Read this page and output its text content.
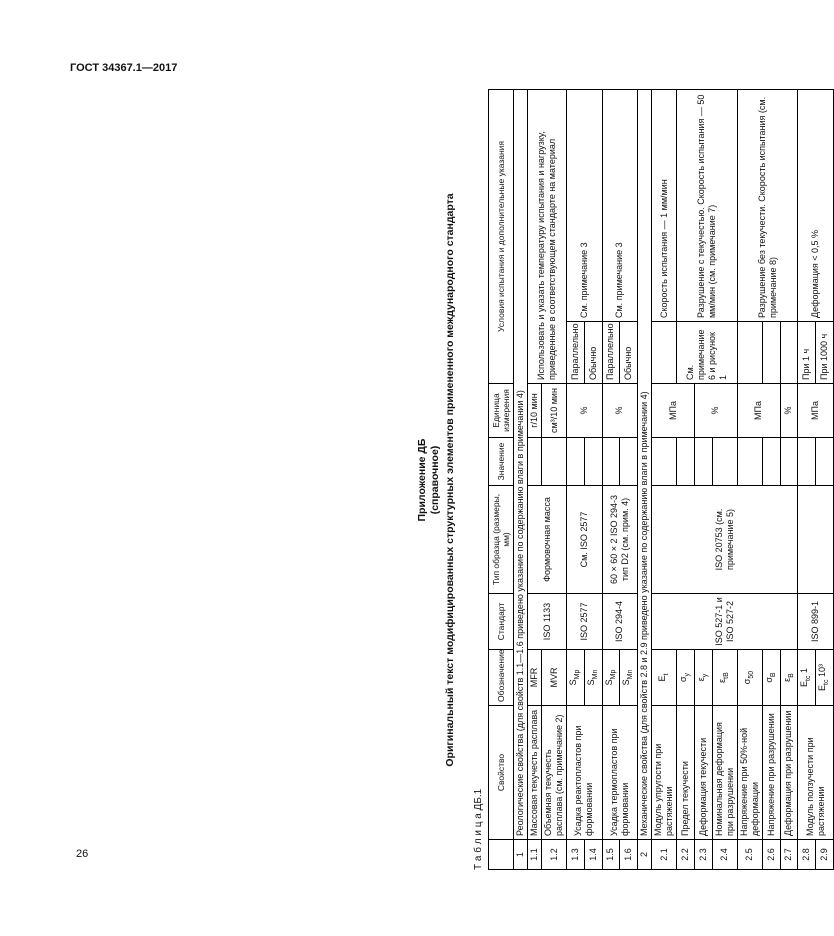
ГОСТ 34367.1—2017
Приложение ДБ (справочное) Оригинальный текст модифицированных структурных элементов примененного международного стандарта
Т а б л и ц а ДБ.1
	Свойство	Обозначение	Стандарт	Тип образца (размеры, мм)	Значение	Единица измерения	Условия испытания и дополнительные указания	
1	Реологические свойства (для свойств 1.1—1.6 приведено указание по содержанию влаги в примечании 4)							
1.1	Массовая текучесть расплава	MFR	ISO 1133	Формовочная масса		г/10 мин	Использовать и указать температуру испытания и нагрузку, приведенные в соответствующем стандарте на материал	
1.2	Объемная текучесть расплава (см. примечание 2)	MVR				см³/10 мин		
1.3	Усадка реактопластов при формовании	$S_{Mp}$	ISO 2577	См. ISO 2577		%	Параллельно	См. примечание 3
1.4		$S_{Mn}$					Обычно	
1.5	Усадка термопластов при формовании	$S_{Mp}$	ISO 294-4	60 × 60 × 2 ISO 294-3 тип D2 (см. прим. 4)		%	Параллельно	См. примечание 3
1.6		$S_{Mn}$					Обычно	
2	Механические свойства (для свойств 2.8 и 2.9 приведено указание по содержанию влаги в примечании 4)							
2.1	Модуль упругости при растяжении	$E_t$	ISO 527-1 и ISO 527-2	ISO 20753 (см. примечание 5)		МПа		Скорость испытания — 1 мм/мин
2.2	Предел текучести	$\sigma_y$					См. примечание 6 и рисунок 1	Разрушение с текучестью. Скорость испытания — 50 мм/мин (см. примечание 7)
2.3	Деформация текучести	$\varepsilon_y$				%		
2.4	Номинальная деформация при разрушении	$\varepsilon_{tB}$	
2.5	Напряжение при 50%-ной деформации	$\sigma_{50}$				МПа		Разрушение без текучести. Скорость испытания (см. примечание 8)
2.6	Напряжение при разрушении	$\sigma_B$		
2.7	Деформация при разрушении	$\varepsilon_B$				%		
2.8	Модуль ползучести при растяжении	$E_{tc}$ 1	ISO 899-1			МПа	При 1 ч	Деформация < 0,5 %
2.9		$E_{tc}$ 10³					При 1000 ч	
26
